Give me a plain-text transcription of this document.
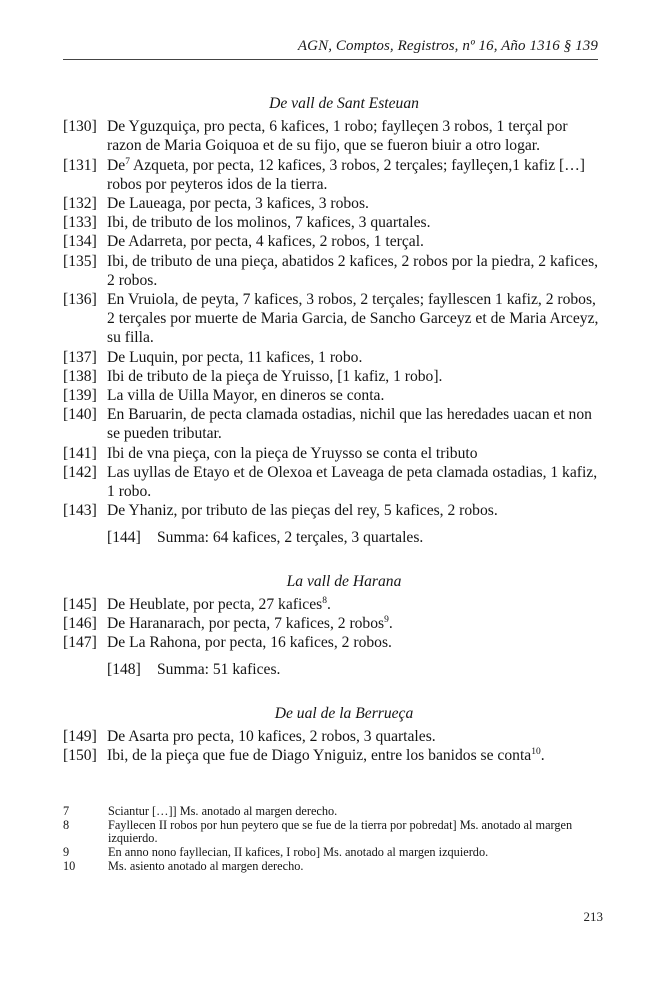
AGN, Comptos, Registros, nº 16, Año 1316 § 139
De vall de Sant Esteuan
[130] De Yguzquiça, pro pecta, 6 kafices, 1 robo; faylleçen 3 robos, 1 terçal por razon de Maria Goiquoa et de su fijo, que se fueron biuir a otro logar.
[131] De$^7$ Azqueta, por pecta, 12 kafices, 3 robos, 2 terçales; faylleçen,1 kafiz […] robos por peyteros idos de la tierra.
[132] De Laueaga, por pecta, 3 kafices, 3 robos.
[133] Ibi, de tributo de los molinos, 7 kafices, 3 quartales.
[134] De Adarreta, por pecta, 4 kafices, 2 robos, 1 terçal.
[135] Ibi, de tributo de una pieça, abatidos 2 kafices, 2 robos por la piedra, 2 kafices, 2 robos.
[136] En Vruiola, de peyta, 7 kafices, 3 robos, 2 terçales; fayllescen 1 kafiz, 2 robos, 2 terçales por muerte de Maria Garcia, de Sancho Garceyz et de Maria Arceyz, su filla.
[137] De Luquin, por pecta, 11 kafices, 1 robo.
[138] Ibi de tributo de la pieça de Yruisso, [1 kafiz, 1 robo].
[139] La villa de Uilla Mayor, en dineros se conta.
[140] En Baruarin, de pecta clamada ostadias, nichil que las heredades uacan et non se pueden tributar.
[141] Ibi de vna pieça, con la pieça de Yruysso se conta el tributo
[142] Las uyllas de Etayo et de Olexoa et Laveaga de peta clamada ostadias, 1 kafiz, 1 robo.
[143] De Yhaniz, por tributo de las pieças del rey, 5 kafices, 2 robos.
[144]	Summa: 64 kafices, 2 terçales, 3 quartales.
La vall de Harana
[145] De Heublate, por pecta, 27 kafices$^8$.
[146] De Haranarach, por pecta, 7 kafices, 2 robos$^9$.
[147] De La Rahona, por pecta, 16 kafices, 2 robos.
[148]	Summa: 51 kafices.
De ual de la Berrueça
[149] De Asarta pro pecta, 10 kafices, 2 robos, 3 quartales.
[150] Ibi, de la pieça que fue de Diago Yniguiz, entre los banidos se conta$^{10}$.
7	Sciantur […]] Ms. anotado al margen derecho.
8	Fayllecen II robos por hun peytero que se fue de la tierra por pobredat] Ms. anotado al margen izquierdo.
9	En anno nono fayllecian, II kafices, I robo] Ms. anotado al margen izquierdo.
10	Ms. asiento anotado al margen derecho.
213
